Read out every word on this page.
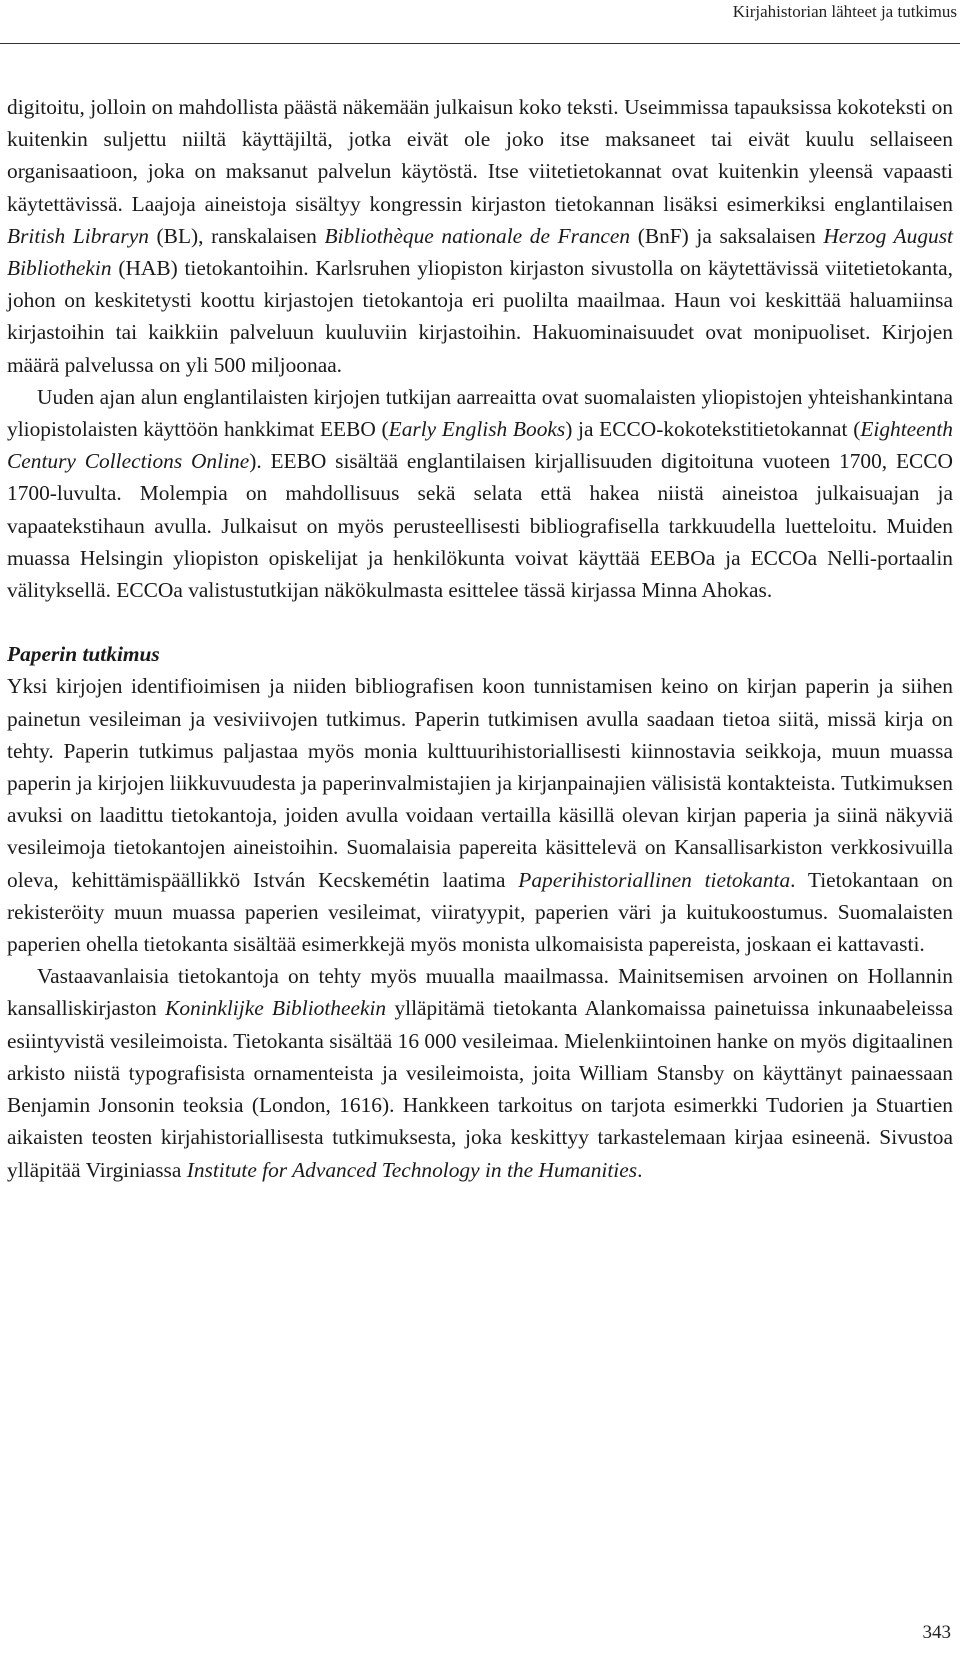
Kirjahistorian lähteet ja tutkimus

digitoitu, jolloin on mahdollista päästä näkemään julkaisun koko teksti. Useimmissa tapauksissa kokoteksti on kuitenkin suljettu niiltä käyttäjiltä, jotka eivät ole joko itse maksaneet tai eivät kuulu sellaiseen organisaatioon, joka on maksanut palvelun käytöstä. Itse viitetietokannat ovat kuitenkin yleensä vapaasti käytettävissä. Laajoja aineistoja sisältyy kongressin kirjaston tietokannan lisäksi esimerkiksi englantilaisen British Libraryn (BL), ranskalaisen Bibliothèque nationale de Francen (BnF) ja saksalaisen Herzog August Bibliothekin (HAB) tietokantoihin. Karlsruhen yliopiston kirjaston sivustolla on käytettävissä viitetietokanta, johon on keskitetysti koottu kirjastojen tietokantoja eri puolilta maailmaa. Haun voi keskittää haluamiinsa kirjastoihin tai kaikkiin palveluun kuuluviin kirjastoihin. Hakuominaisuudet ovat monipuoliset. Kirjojen määrä palvelussa on yli 500 miljoonaa.

Uuden ajan alun englantilaisten kirjojen tutkijan aarreaitta ovat suomalaisten yliopistojen yhteishankintana yliopistolaisten käyttöön hankkimat EEBO (Early English Books) ja ECCO-kokotekstitietokannat (Eighteenth Century Collections Online). EEBO sisältää englantilaisen kirjallisuuden digitoituna vuoteen 1700, ECCO 1700-luvulta. Molempia on mahdollisuus sekä selata että hakea niistä aineistoa julkaisuajan ja vapaatekstihaun avulla. Julkaisut on myös perusteellisesti bibliografisella tarkkuudella luetteloitu. Muiden muassa Helsingin yliopiston opiskelijat ja henkilökunta voivat käyttää EEBOa ja ECCOa Nelli-portaalin välityksellä. ECCOa valistustutkijan näkökulmasta esittelee tässä kirjassa Minna Ahokas.

Paperin tutkimus

Yksi kirjojen identifioimisen ja niiden bibliografisen koon tunnistamisen keino on kirjan paperin ja siihen painetun vesileiman ja vesiviivojen tutkimus. Paperin tutkimisen avulla saadaan tietoa siitä, missä kirja on tehty. Paperin tutkimus paljastaa myös monia kulttuurihistoriallisesti kiinnostavia seikkoja, muun muassa paperin ja kirjojen liikkuvuudesta ja paperinvalmistajien ja kirjanpainajien välisistä kontakteista. Tutkimuksen avuksi on laadittu tietokantoja, joiden avulla voidaan vertailla käsillä olevan kirjan paperia ja siinä näkyviä vesileimoja tietokantojen aineistoihin. Suomalaisia papereita käsittelevä on Kansallisarkiston verkkosivuilla oleva, kehittämispäällikkö István Kecskemétin laatima Paperihistoriallinen tietokanta. Tietokantaan on rekisteröity muun muassa paperien vesileimat, viiratyypit, paperien väri ja kuitukoostumus. Suomalaisten paperien ohella tietokanta sisältää esimerkkejä myös monista ulkomaisista papereista, joskaan ei kattavasti.

Vastaavanlaisia tietokantoja on tehty myös muualla maailmassa. Mainitsemisen arvoinen on Hollannin kansalliskirjaston Koninklijke Bibliotheekin ylläpitämä tietokanta Alankomaissa painetuissa inkunaabeleissa esiintyvistä vesileimoista. Tietokanta sisältää 16 000 vesileimaa. Mielenkiintoinen hanke on myös digitaalinen arkisto niistä typografisista ornamenteista ja vesileimoista, joita William Stansby on käyttänyt painaessaan Benjamin Jonsonin teoksia (London, 1616). Hankkeen tarkoitus on tarjota esimerkki Tudorien ja Stuartien aikaisten teosten kirjahistoriallisesta tutkimuksesta, joka keskittyy tarkastelemaan kirjaa esineenä. Sivustoa ylläpitää Virginiassa Institute for Advanced Technology in the Humanities.

343
